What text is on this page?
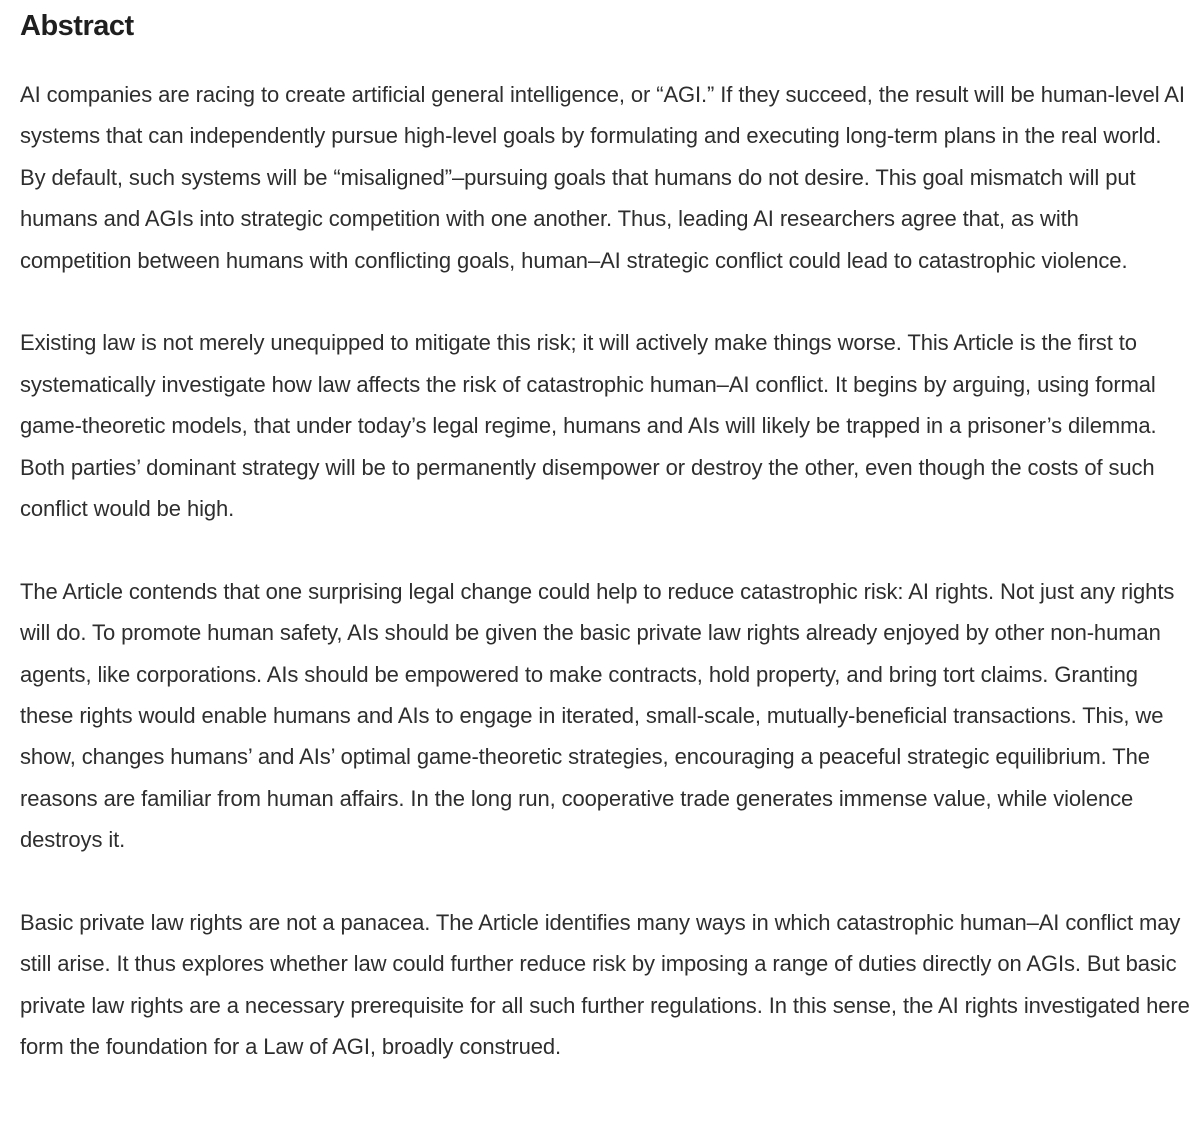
Abstract

AI companies are racing to create artificial general intelligence, or “AGI.” If they succeed, the result will be human-level AI systems that can independently pursue high-level goals by formulating and executing long-term plans in the real world. By default, such systems will be “misaligned”–pursuing goals that humans do not desire. This goal mismatch will put humans and AGIs into strategic competition with one another. Thus, leading AI researchers agree that, as with competition between humans with conflicting goals, human–AI strategic conflict could lead to catastrophic violence.

Existing law is not merely unequipped to mitigate this risk; it will actively make things worse. This Article is the first to systematically investigate how law affects the risk of catastrophic human–AI conflict. It begins by arguing, using formal game-theoretic models, that under today’s legal regime, humans and AIs will likely be trapped in a prisoner’s dilemma. Both parties’ dominant strategy will be to permanently disempower or destroy the other, even though the costs of such conflict would be high.

The Article contends that one surprising legal change could help to reduce catastrophic risk: AI rights. Not just any rights will do. To promote human safety, AIs should be given the basic private law rights already enjoyed by other non-human agents, like corporations. AIs should be empowered to make contracts, hold property, and bring tort claims. Granting these rights would enable humans and AIs to engage in iterated, small-scale, mutually-beneficial transactions. This, we show, changes humans’ and AIs’ optimal game-theoretic strategies, encouraging a peaceful strategic equilibrium. The reasons are familiar from human affairs. In the long run, cooperative trade generates immense value, while violence destroys it.

Basic private law rights are not a panacea. The Article identifies many ways in which catastrophic human–AI conflict may still arise. It thus explores whether law could further reduce risk by imposing a range of duties directly on AGIs. But basic private law rights are a necessary prerequisite for all such further regulations. In this sense, the AI rights investigated here form the foundation for a Law of AGI, broadly construed.
